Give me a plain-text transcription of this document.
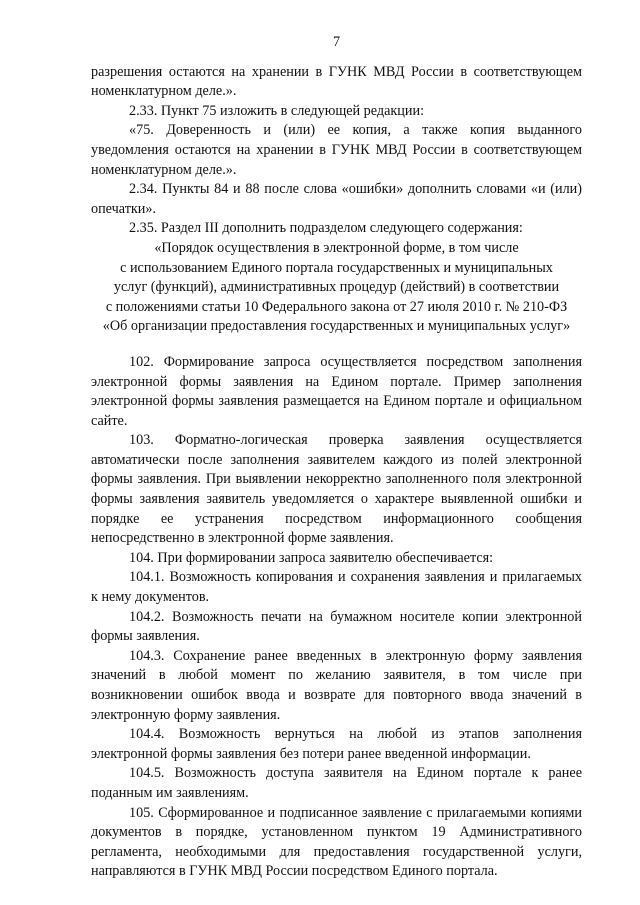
7

разрешения остаются на хранении в ГУНК МВД России в соответствующем номенклатурном деле.».

2.33. Пункт 75 изложить в следующей редакции:

«75. Доверенность и (или) ее копия, а также копия выданного уведомления остаются на хранении в ГУНК МВД России в соответствующем номенклатурном деле.».

2.34. Пункты 84 и 88 после слова «ошибки» дополнить словами «и (или) опечатки».

2.35. Раздел III дополнить подразделом следующего содержания:

«Порядок осуществления в электронной форме, в том числе

с использованием Единого портала государственных и муниципальных

услуг (функций), административных процедур (действий) в соответствии

с положениями статьи 10 Федерального закона от 27 июля 2010 г. № 210-ФЗ

«Об организации предоставления государственных и муниципальных услуг»

102. Формирование запроса осуществляется посредством заполнения электронной формы заявления на Едином портале. Пример заполнения электронной формы заявления размещается на Едином портале и официальном сайте.

103. Форматно-логическая проверка заявления осуществляется автоматически после заполнения заявителем каждого из полей электронной формы заявления. При выявлении некорректно заполненного поля электронной формы заявления заявитель уведомляется о характере выявленной ошибки и порядке ее устранения посредством информационного сообщения непосредственно в электронной форме заявления.

104. При формировании запроса заявителю обеспечивается:

104.1. Возможность копирования и сохранения заявления и прилагаемых к нему документов.

104.2. Возможность печати на бумажном носителе копии электронной формы заявления.

104.3. Сохранение ранее введенных в электронную форму заявления значений в любой момент по желанию заявителя, в том числе при возникновении ошибок ввода и возврате для повторного ввода значений в электронную форму заявления.

104.4. Возможность вернуться на любой из этапов заполнения электронной формы заявления без потери ранее введенной информации.

104.5. Возможность доступа заявителя на Едином портале к ранее поданным им заявлениям.

105. Сформированное и подписанное заявление с прилагаемыми копиями документов в порядке, установленном пунктом 19 Административного регламента, необходимыми для предоставления государственной услуги, направляются в ГУНК МВД России посредством Единого портала.
